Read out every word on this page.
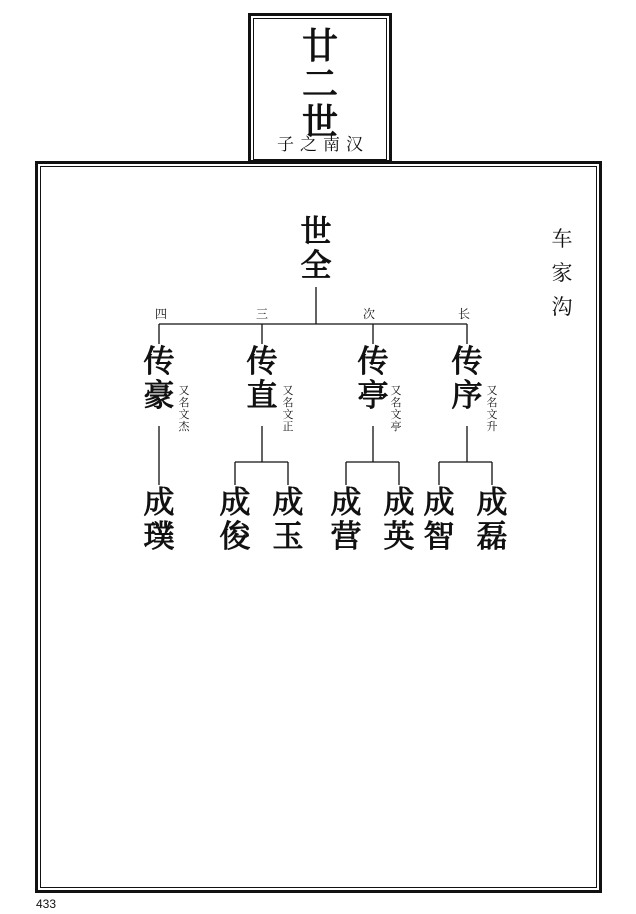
廿
二
世
子之南汉
车
家
沟
世
全
四	三	次	长
传
豪 又
名
文
杰
传
直 又
名
文
正
传
亭 又
名
文
亭
传
序 又
名
文
升
成
璞
成
俊
成
玉
成
营
成
英
成
智
成
磊
433
